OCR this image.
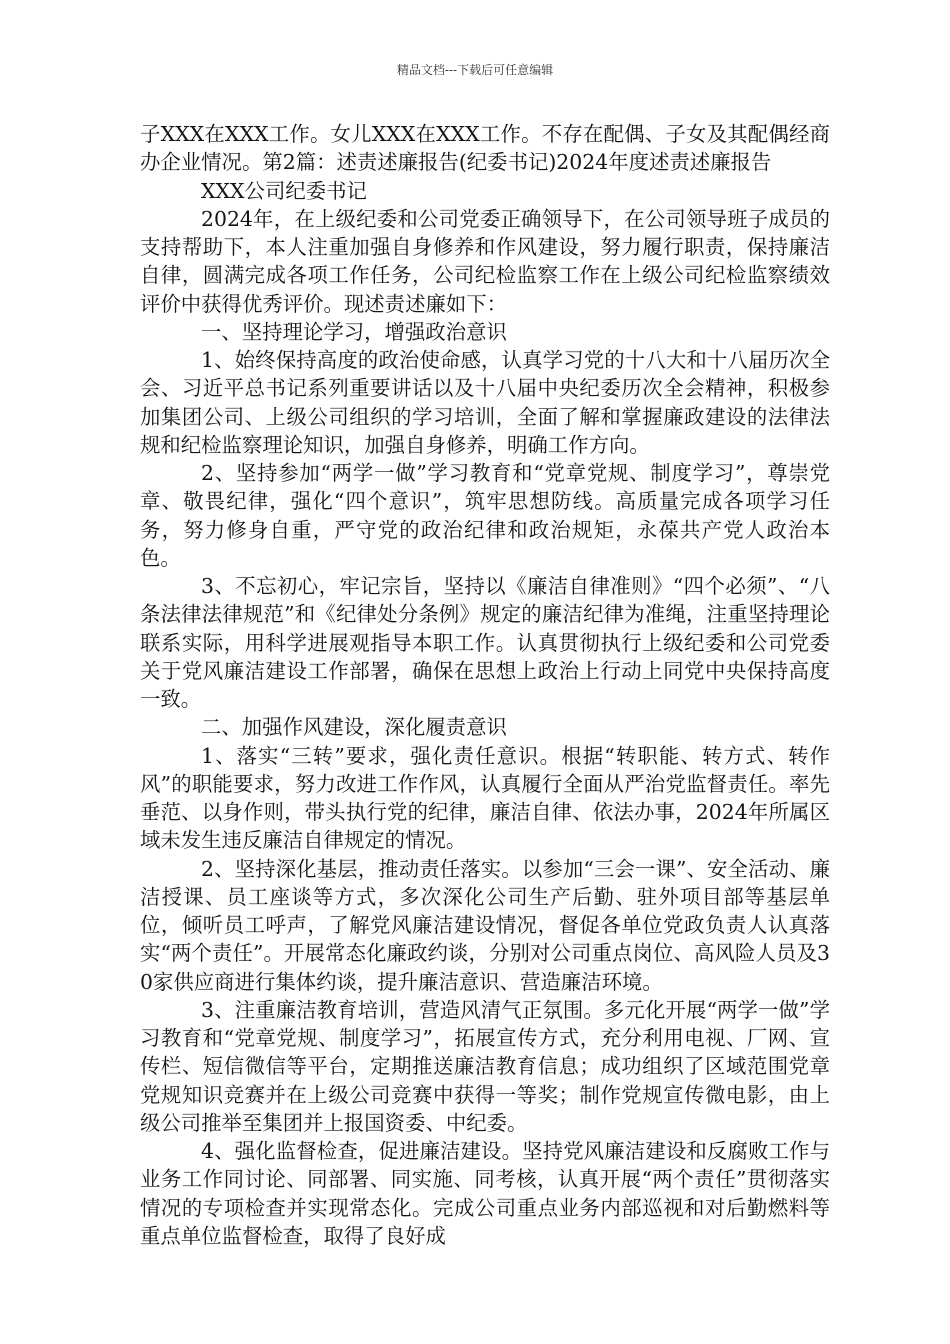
精品文档---下载后可任意编辑

子XXX在XXX工作。女儿XXX在XXX工作。不存在配偶、子女及其配偶经商办企业情况。第2篇：述责述廉报告(纪委书记)2024年度述责述廉报告

XXX公司纪委书记

2024年，在上级纪委和公司党委正确领导下，在公司领导班子成员的支持帮助下，本人注重加强自身修养和作风建设，努力履行职责，保持廉洁自律，圆满完成各项工作任务，公司纪检监察工作在上级公司纪检监察绩效评价中获得优秀评价。现述责述廉如下：

一、坚持理论学习，增强政治意识

1、始终保持高度的政治使命感，认真学习党的十八大和十八届历次全会、习近平总书记系列重要讲话以及十八届中央纪委历次全会精神，积极参加集团公司、上级公司组织的学习培训，全面了解和掌握廉政建设的法律法规和纪检监察理论知识，加强自身修养，明确工作方向。

2、坚持参加“两学一做”学习教育和“党章党规、制度学习”，尊崇党章、敬畏纪律，强化“四个意识”，筑牢思想防线。高质量完成各项学习任务，努力修身自重，严守党的政治纪律和政治规矩，永葆共产党人政治本色。

3、不忘初心，牢记宗旨，坚持以《廉洁自律准则》“四个必须”、“八条法律法律规范”和《纪律处分条例》规定的廉洁纪律为准绳，注重坚持理论联系实际，用科学进展观指导本职工作。认真贯彻执行上级纪委和公司党委关于党风廉洁建设工作部署，确保在思想上政治上行动上同党中央保持高度一致。

二、加强作风建设，深化履责意识

1、落实“三转”要求，强化责任意识。根据“转职能、转方式、转作风”的职能要求，努力改进工作作风，认真履行全面从严治党监督责任。率先垂范、以身作则，带头执行党的纪律，廉洁自律、依法办事，2024年所属区域未发生违反廉洁自律规定的情况。

2、坚持深化基层，推动责任落实。以参加“三会一课”、安全活动、廉洁授课、员工座谈等方式，多次深化公司生产后勤、驻外项目部等基层单位，倾听员工呼声，了解党风廉洁建设情况，督促各单位党政负责人认真落实“两个责任”。开展常态化廉政约谈，分别对公司重点岗位、高风险人员及30家供应商进行集体约谈，提升廉洁意识、营造廉洁环境。

3、注重廉洁教育培训，营造风清气正氛围。多元化开展“两学一做”学习教育和“党章党规、制度学习”，拓展宣传方式，充分利用电视、厂网、宣传栏、短信微信等平台，定期推送廉洁教育信息；成功组织了区域范围党章党规知识竞赛并在上级公司竞赛中获得一等奖；制作党规宣传微电影，由上级公司推举至集团并上报国资委、中纪委。

4、强化监督检查，促进廉洁建设。坚持党风廉洁建设和反腐败工作与业务工作同讨论、同部署、同实施、同考核，认真开展“两个责任”贯彻落实情况的专项检查并实现常态化。完成公司重点业务内部巡视和对后勤燃料等重点单位监督检查，取得了良好成
